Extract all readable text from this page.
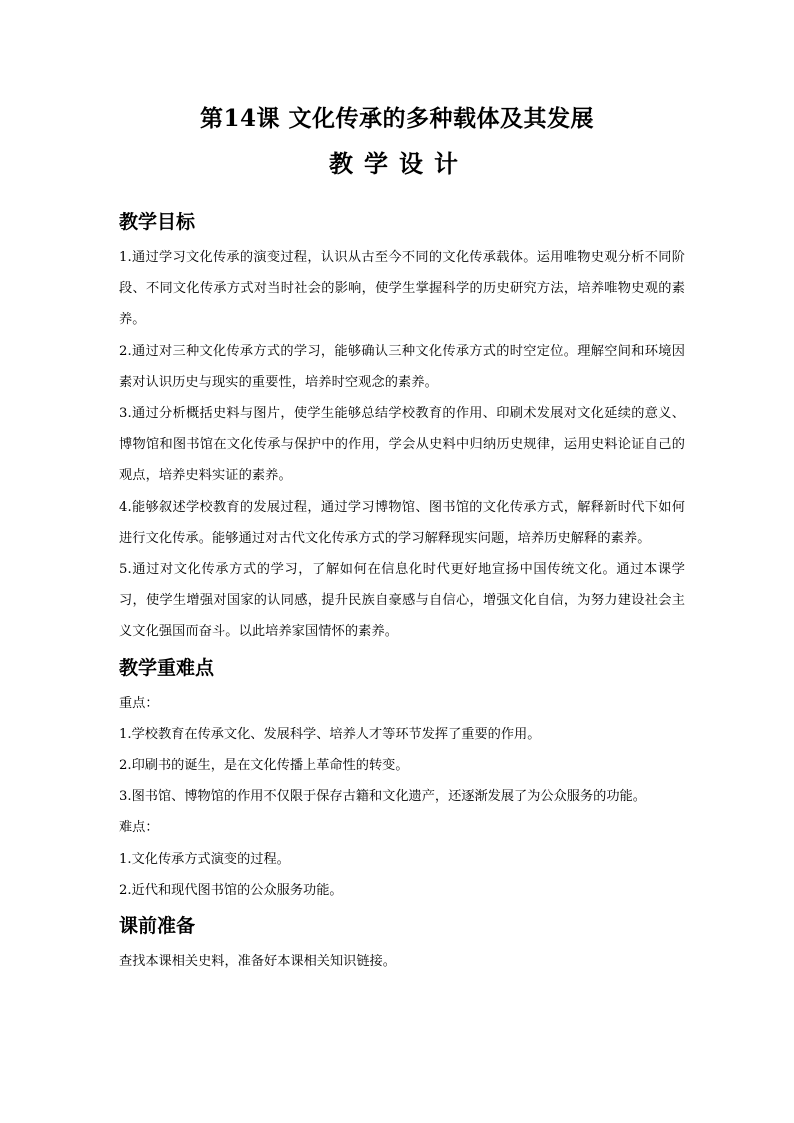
第14课 文化传承的多种载体及其发展
教学设计
教学目标

1.通过学习文化传承的演变过程，认识从古至今不同的文化传承载体。运用唯物史观分析不同阶段、不同文化传承方式对当时社会的影响，使学生掌握科学的历史研究方法，培养唯物史观的素养。

2.通过对三种文化传承方式的学习，能够确认三种文化传承方式的时空定位。理解空间和环境因素对认识历史与现实的重要性，培养时空观念的素养。

3.通过分析概括史料与图片，使学生能够总结学校教育的作用、印刷术发展对文化延续的意义、博物馆和图书馆在文化传承与保护中的作用，学会从史料中归纳历史规律，运用史料论证自己的观点，培养史料实证的素养。

4.能够叙述学校教育的发展过程，通过学习博物馆、图书馆的文化传承方式，解释新时代下如何进行文化传承。能够通过对古代文化传承方式的学习解释现实问题，培养历史解释的素养。

5.通过对文化传承方式的学习，了解如何在信息化时代更好地宣扬中国传统文化。通过本课学习，使学生增强对国家的认同感，提升民族自豪感与自信心，增强文化自信，为努力建设社会主义文化强国而奋斗。以此培养家国情怀的素养。

教学重难点

重点：

1.学校教育在传承文化、发展科学、培养人才等环节发挥了重要的作用。

2.印刷书的诞生，是在文化传播上革命性的转变。

3.图书馆、博物馆的作用不仅限于保存古籍和文化遗产，还逐渐发展了为公众服务的功能。

难点：

1.文化传承方式演变的过程。

2.近代和现代图书馆的公众服务功能。

课前准备

查找本课相关史料，准备好本课相关知识链接。
